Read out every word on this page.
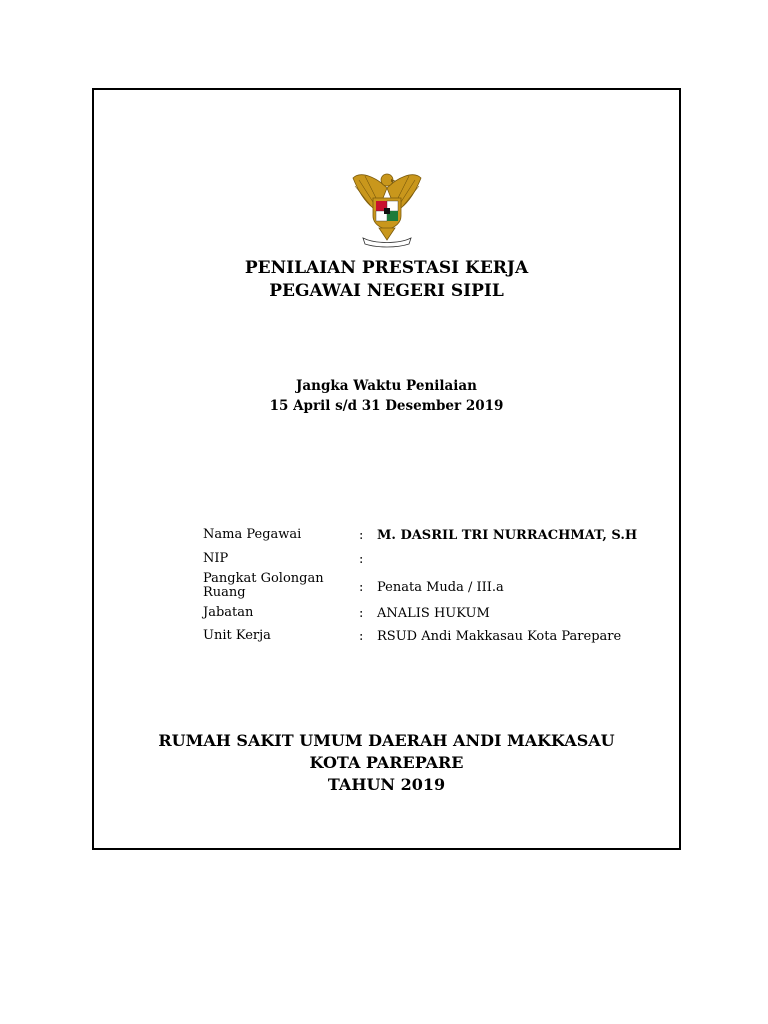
PENILAIAN PRESTASI KERJA
PEGAWAI NEGERI SIPIL
Jangka Waktu Penilaian
15 April s/d 31 Desember 2019
Nama Pegawai	: M. DASRIL TRI NURRACHMAT, S.H
NIP	:
Pangkat Golongan
Ruang	: Penata Muda / III.a
Jabatan	: ANALIS HUKUM
Unit Kerja	: RSUD Andi Makkasau Kota Parepare
RUMAH SAKIT UMUM DAERAH ANDI MAKKASAU
KOTA PAREPARE
TAHUN 2019
